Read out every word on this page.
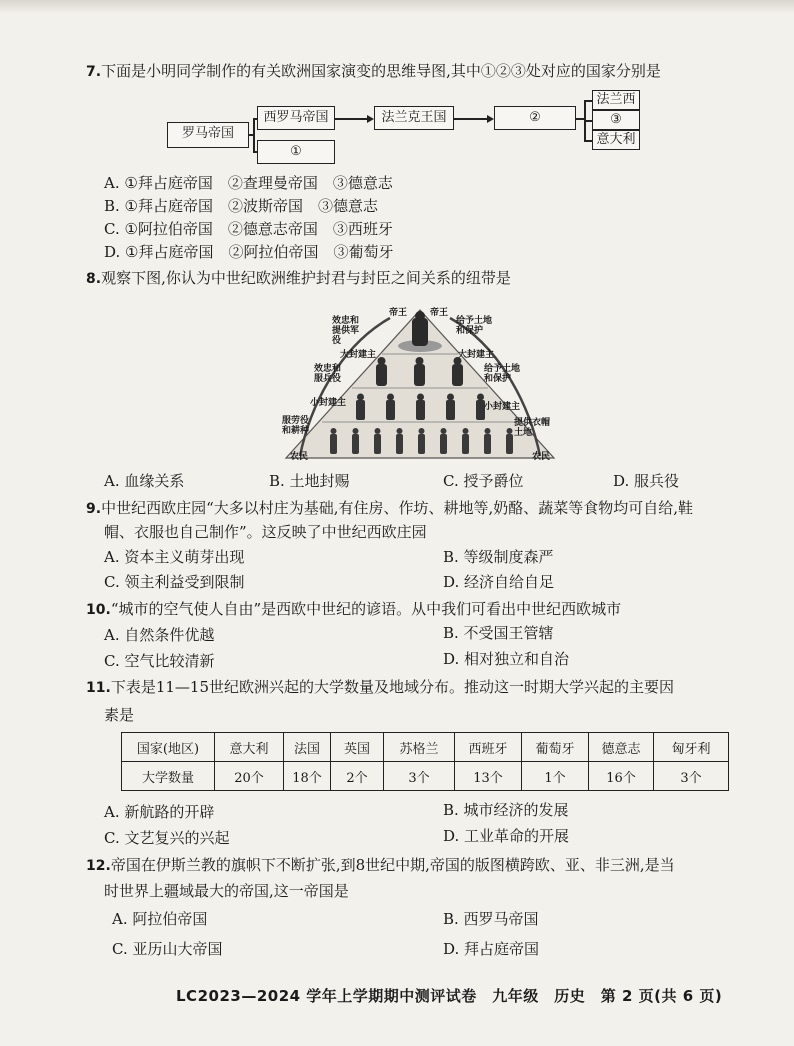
7.下面是小明同学制作的有关欧洲国家演变的思维导图,其中①②③处对应的国家分别是
罗马帝国
西罗马帝国
①
法兰克王国	②
法兰西
③
意大利
A. ①拜占庭帝国　②查理曼帝国　③德意志
B. ①拜占庭帝国　②波斯帝国　③德意志
C. ①阿拉伯帝国　②德意志帝国　③西班牙
D. ①拜占庭帝国　②阿拉伯帝国　③葡萄牙
8.观察下图,你认为中世纪欧洲维护封君与封臣之间关系的纽带是
帝王	帝王
效忠和提供军役
给予土地和保护
大封建主	大封建主
效忠和服兵役
给予土地和保护
小封建主	小封建主
服劳役和耕种
提供衣帽土地
农民	农民
A. 血缘关系	B. 土地封赐	C. 授予爵位	D. 服兵役
9.中世纪西欧庄园“大多以村庄为基础,有住房、作坊、耕地等,奶酪、蔬菜等食物均可自给,鞋
帽、衣服也自己制作”。这反映了中世纪西欧庄园
A. 资本主义萌芽出现	B. 等级制度森严
C. 领主利益受到限制	D. 经济自给自足
10.“城市的空气使人自由”是西欧中世纪的谚语。从中我们可看出中世纪西欧城市
A. 自然条件优越	B. 不受国王管辖
C. 空气比较清新	D. 相对独立和自治
11.下表是11—15世纪欧洲兴起的大学数量及地域分布。推动这一时期大学兴起的主要因
素是
国家(地区)	意大利	法国	英国	苏格兰	西班牙	葡萄牙	德意志	匈牙利
大学数量	20个	18个	2个	3个	13个	1个	16个	3个
A. 新航路的开辟	B. 城市经济的发展
C. 文艺复兴的兴起	D. 工业革命的开展
12.帝国在伊斯兰教的旗帜下不断扩张,到8世纪中期,帝国的版图横跨欧、亚、非三洲,是当
时世界上疆域最大的帝国,这一帝国是
A. 阿拉伯帝国	B. 西罗马帝国
C. 亚历山大帝国	D. 拜占庭帝国
LC2023—2024 学年上学期期中测评试卷　九年级　历史　第 2 页(共 6 页)
